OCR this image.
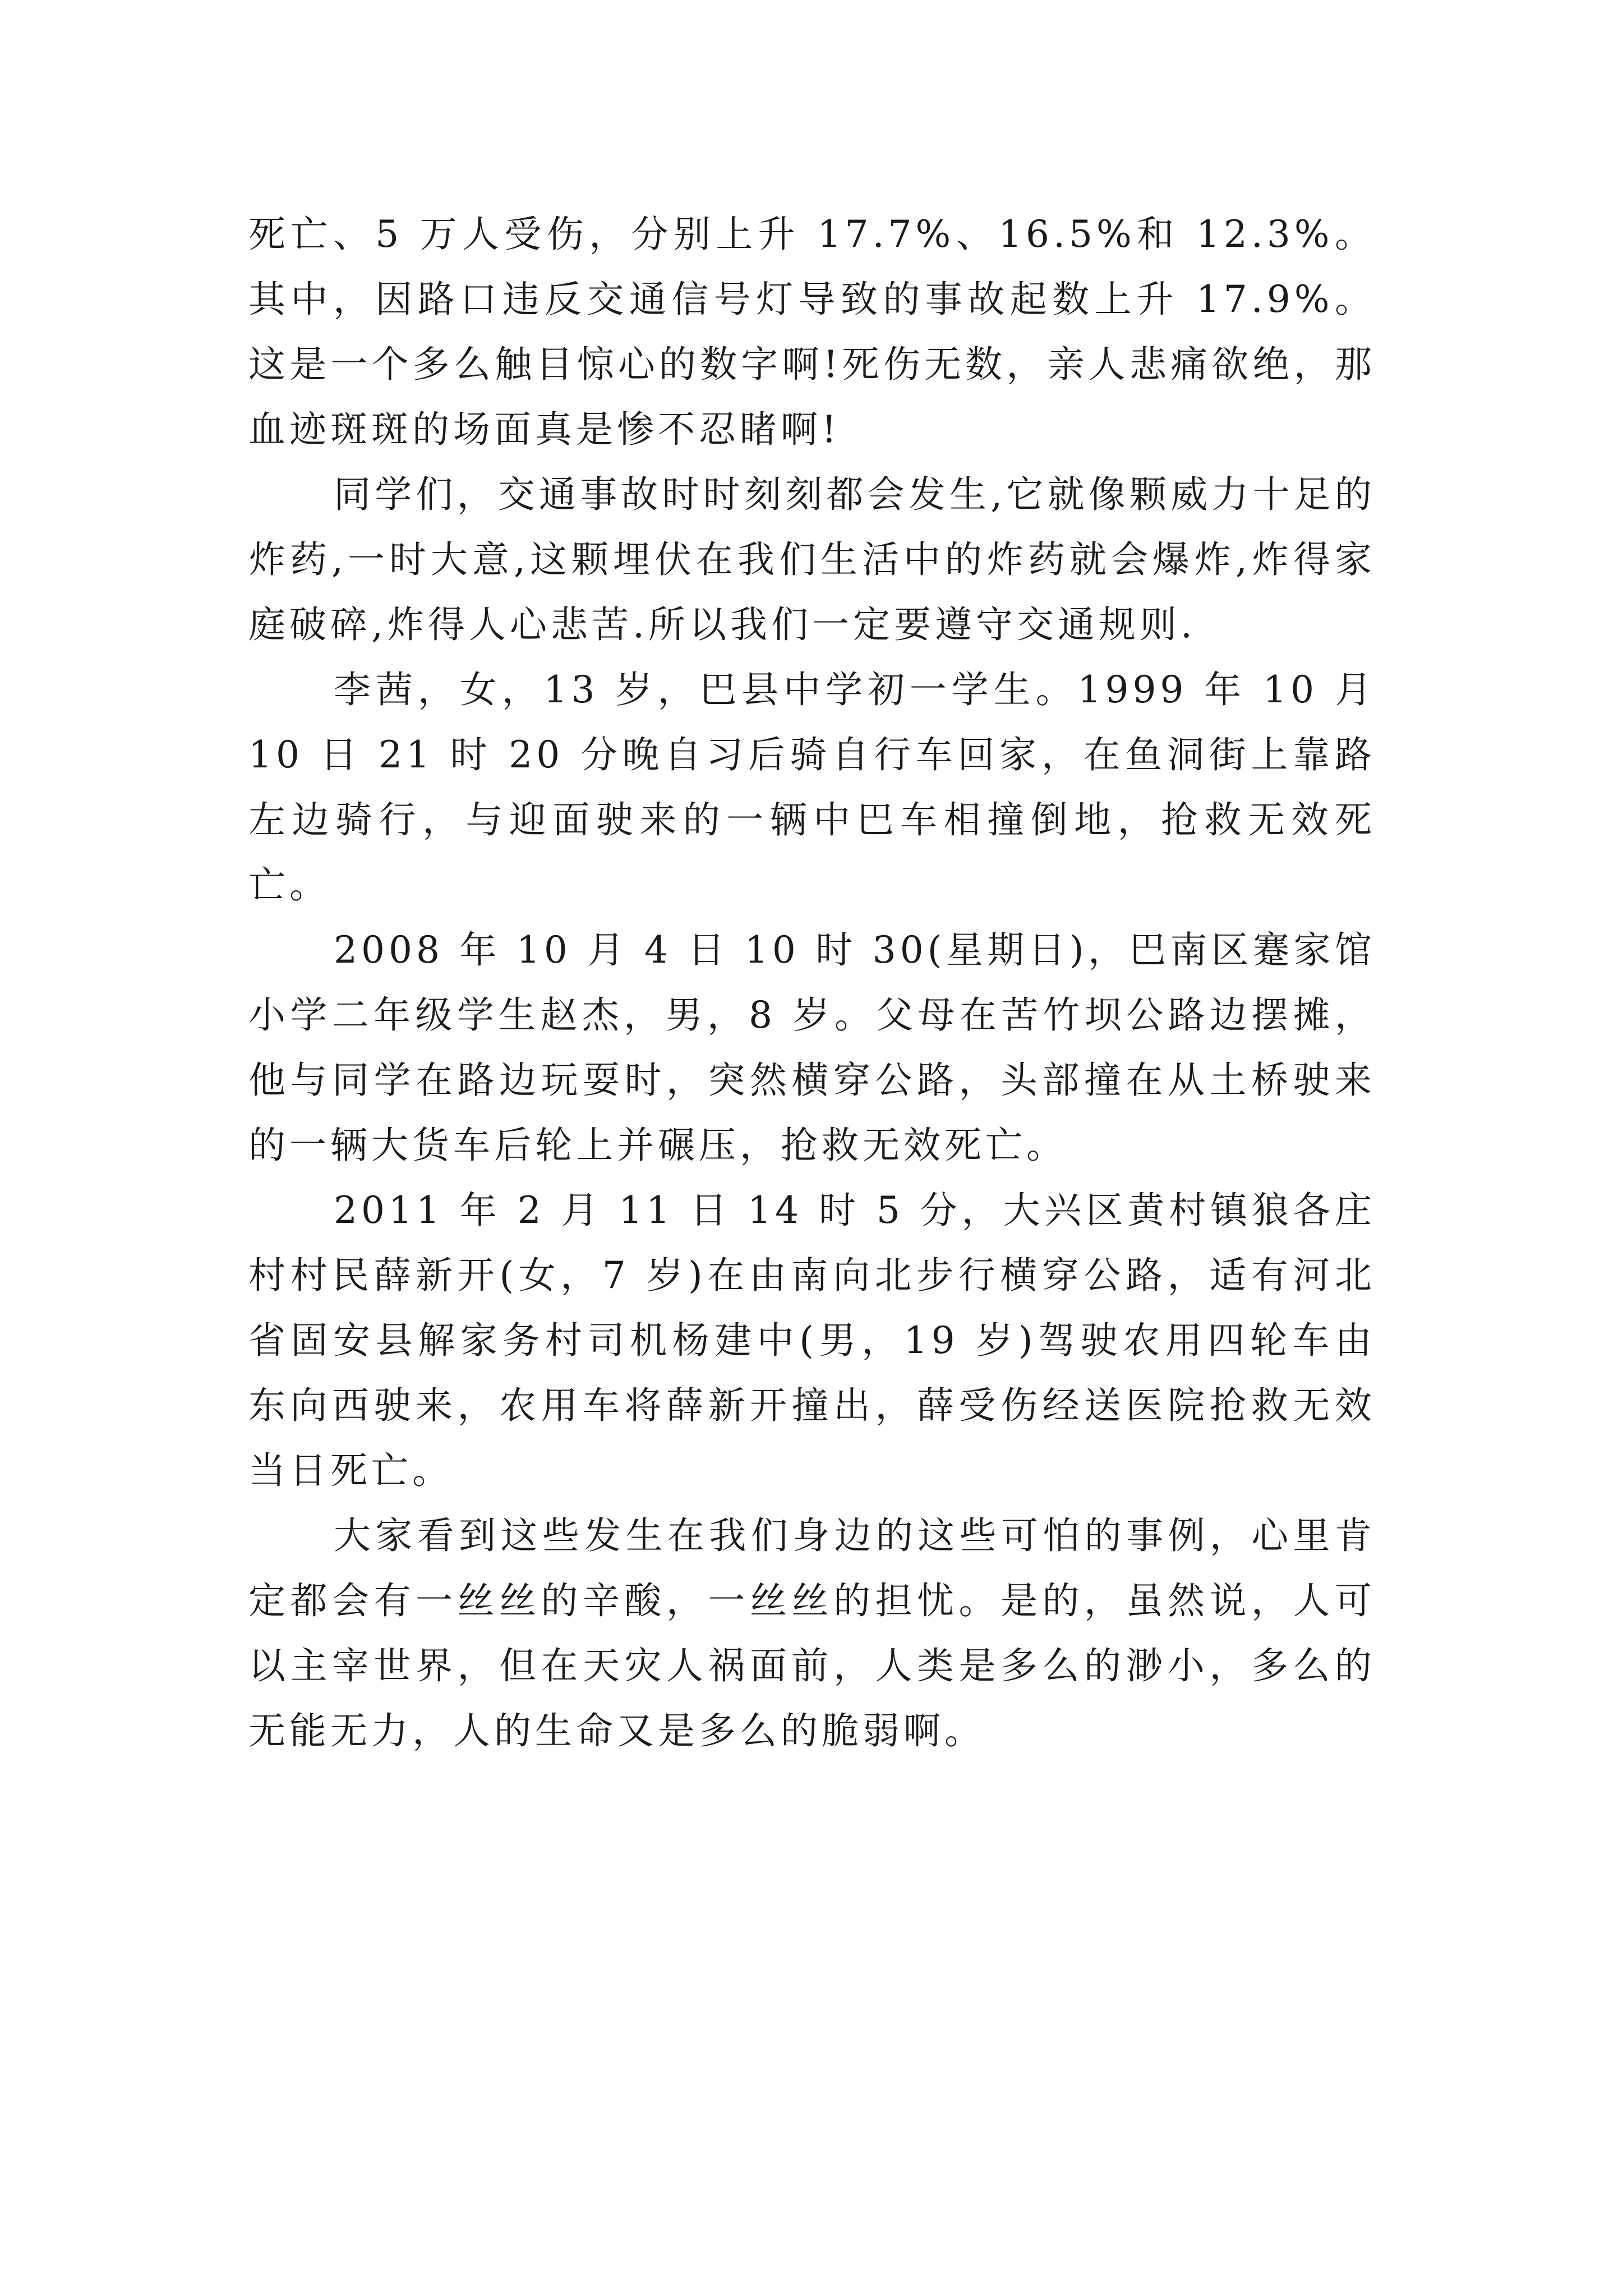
死亡、5 万人受伤，分别上升 17.7%、16.5%和 12.3%。其中，因路口违反交通信号灯导致的事故起数上升 17.9%。这是一个多么触目惊心的数字啊!死伤无数，亲人悲痛欲绝，那血迹斑斑的场面真是惨不忍睹啊!

同学们，交通事故时时刻刻都会发生,它就像颗威力十足的炸药,一时大意,这颗埋伏在我们生活中的炸药就会爆炸,炸得家庭破碎,炸得人心悲苦.所以我们一定要遵守交通规则.

李茜，女，13 岁，巴县中学初一学生。1999 年 10 月 10 日 21 时 20 分晚自习后骑自行车回家，在鱼洞街上靠路左边骑行，与迎面驶来的一辆中巴车相撞倒地，抢救无效死亡。

2008 年 10 月 4 日 10 时 30(星期日)，巴南区蹇家馆小学二年级学生赵杰，男，8 岁。父母在苦竹坝公路边摆摊，他与同学在路边玩耍时，突然横穿公路，头部撞在从土桥驶来的一辆大货车后轮上并碾压，抢救无效死亡。

2011 年 2 月 11 日 14 时 5 分，大兴区黄村镇狼各庄村村民薛新开(女，7 岁)在由南向北步行横穿公路，适有河北省固安县解家务村司机杨建中(男，19 岁)驾驶农用四轮车由东向西驶来，农用车将薛新开撞出，薛受伤经送医院抢救无效当日死亡。

大家看到这些发生在我们身边的这些可怕的事例，心里肯定都会有一丝丝的辛酸，一丝丝的担忧。是的，虽然说，人可以主宰世界，但在天灾人祸面前，人类是多么的渺小，多么的无能无力，人的生命又是多么的脆弱啊。
